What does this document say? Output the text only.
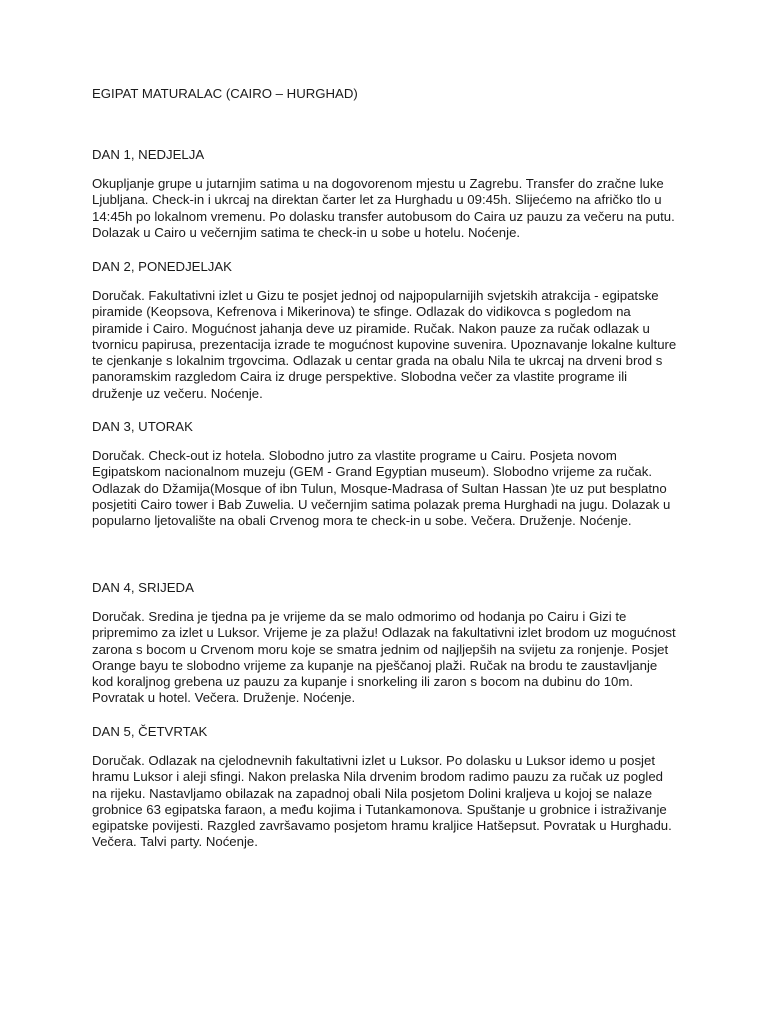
EGIPAT MATURALAC (CAIRO – HURGHAD)
DAN 1, NEDJELJA

Okupljanje grupe u jutarnjim satima u na dogovorenom mjestu u Zagrebu. Transfer do zračne luke Ljubljana. Check-in i ukrcaj na direktan čarter let za Hurghadu u 09:45h. Slijećemo na afričko tlo u 14:45h po lokalnom vremenu. Po dolasku transfer autobusom do Caira uz pauzu za večeru na putu. Dolazak u Cairo u večernjim satima te check-in u sobe u hotelu. Noćenje.

DAN 2, PONEDJELJAK

Doručak. Fakultativni izlet u Gizu te posjet jednoj od najpopularnijih svjetskih atrakcija - egipatske piramide (Keopsova, Kefrenova i Mikerinova) te sfinge. Odlazak do vidikovca s pogledom na piramide i Cairo. Mogućnost jahanja deve uz piramide. Ručak. Nakon pauze za ručak odlazak u tvornicu papirusa, prezentacija izrade te mogućnost kupovine suvenira. Upoznavanje lokalne kulture te cjenkanje s lokalnim trgovcima. Odlazak u centar grada na obalu Nila te ukrcaj na drveni brod s panoramskim razgledom Caira iz druge perspektive. Slobodna večer za vlastite programe ili druženje uz večeru. Noćenje.

DAN 3, UTORAK

Doručak. Check-out iz hotela. Slobodno jutro za vlastite programe u Cairu. Posjeta novom Egipatskom nacionalnom muzeju (GEM - Grand Egyptian museum). Slobodno vrijeme za ručak. Odlazak do Džamija(Mosque of ibn Tulun, Mosque-Madrasa of Sultan Hassan )te uz put besplatno posjetiti Cairo tower i Bab Zuwelia. U večernjim satima polazak prema Hurghadi na jugu. Dolazak u popularno ljetovalište na obali Crvenog mora te check-in u sobe. Večera. Druženje. Noćenje.

DAN 4, SRIJEDA

Doručak. Sredina je tjedna pa je vrijeme da se malo odmorimo od hodanja po Cairu i Gizi te pripremimo za izlet u Luksor. Vrijeme je za plažu! Odlazak na fakultativni izlet brodom uz mogućnost zarona s bocom u Crvenom moru koje se smatra jednim od najljepših na svijetu za ronjenje. Posjet Orange bayu te slobodno vrijeme za kupanje na pješčanoj plaži. Ručak na brodu te zaustavljanje kod koraljnog grebena uz pauzu za kupanje i snorkeling ili zaron s bocom na dubinu do 10m. Povratak u hotel. Večera. Druženje. Noćenje.

DAN 5, ČETVRTAK

Doručak. Odlazak na cjelodnevnih fakultativni izlet u Luksor. Po dolasku u Luksor idemo u posjet hramu Luksor i aleji sfingi. Nakon prelaska Nila drvenim brodom radimo pauzu za ručak uz pogled na rijeku. Nastavljamo obilazak na zapadnoj obali Nila posjetom Dolini kraljeva u kojoj se nalaze grobnice 63 egipatska faraon, a među kojima i Tutankamonova. Spuštanje u grobnice i istraživanje egipatske povijesti. Razgled završavamo posjetom hramu kraljice Hatšepsut. Povratak u Hurghadu. Večera. Talvi party. Noćenje.
